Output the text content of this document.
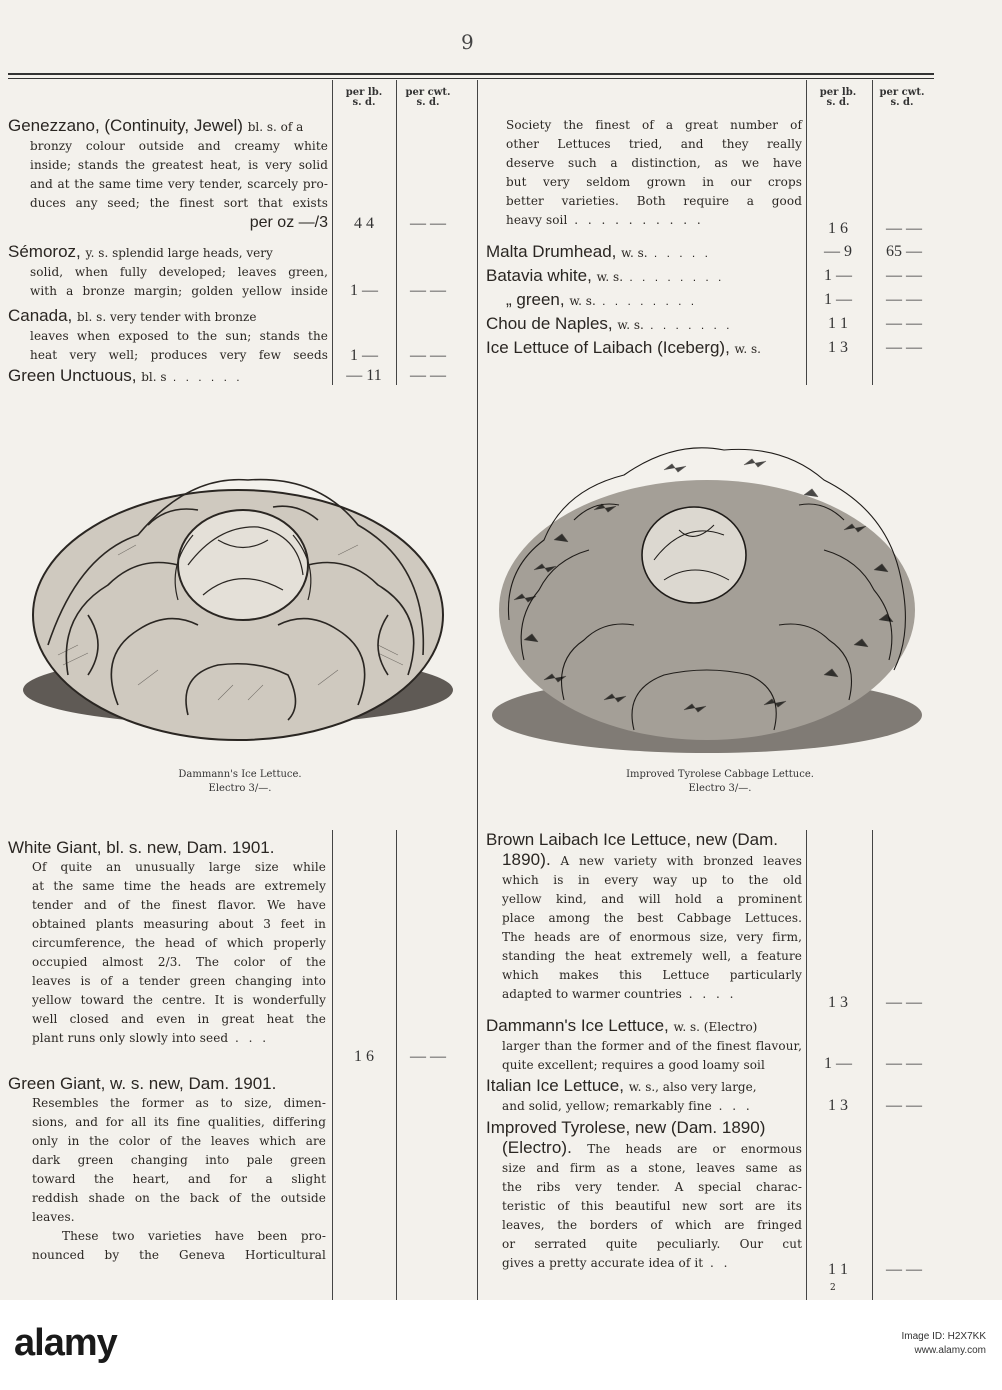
9
per lb.
s. d.
per cwt.
s. d.
per lb.
s. d.
per cwt.
s. d.
Genezzano, (Continuity, Jewel) bl. s. of a
bronzy colour outside and creamy white
inside; stands the greatest heat, is very solid
and at the same time very tender, scarcely pro-
duces any seed; the finest sort that exists
per oz —/3	4 4	— —
Sémoroz, y. s. splendid large heads, very
solid, when fully developed; leaves green,
with a bronze margin; golden yellow inside	1 —	— —
Canada, bl. s. very tender with bronze
leaves when exposed to the sun; stands the
heat very well; produces very few seeds	1 —	— —
Green Unctuous, bl. s . . . . . .	— 11	— —
Society the finest of a great number of
other Lettuces tried, and they really
deserve such a distinction, as we have
but very seldom grown in our crops
better varieties. Both require a good
heavy soil . . . . . . . . . .	1 6	— —
Malta Drumhead, w. s. . . . . .	— 9	65 —
Batavia white, w. s. . . . . . . . .	1 —	— —
„ green, w. s. . . . . . . . .	1 —	— —
Chou de Naples, w. s. . . . . . . .	1 1	— —
Ice Lettuce of Laibach (Iceberg), w. s.	1 3	— —
Dammann's Ice Lettuce.
Electro 3/—.
Improved Tyrolese Cabbage Lettuce.
Electro 3/—.
White Giant, bl. s. new, Dam. 1901.
Of quite an unusually large size while
at the same time the heads are extremely
tender and of the finest flavor. We have
obtained plants measuring about 3 feet in
circumference, the head of which properly
occupied almost 2/3. The color of the
leaves is of a tender green changing into
yellow toward the centre. It is wonderfully
well closed and even in great heat the
plant runs only slowly into seed . . .
1 6	— —
Green Giant, w. s. new, Dam. 1901.
Resembles the former as to size, dimen-
sions, and for all its fine qualities, differing
only in the color of the leaves which are
dark green changing into pale green
toward the heart, and for a slight
reddish shade on the back of the outside
leaves.
These two varieties have been pro-
nounced by the Geneva Horticultural
Brown Laibach Ice Lettuce, new (Dam.
1890). A new variety with bronzed leaves
which is in every way up to the old
yellow kind, and will hold a prominent
place among the best Cabbage Lettuces.
The heads are of enormous size, very firm,
standing the heat extremely well, a feature
which makes this Lettuce particularly
adapted to warmer countries . . . .	1 3	— —
Dammann's Ice Lettuce, w. s. (Electro)
larger than the former and of the finest flavour,
quite excellent; requires a good loamy soil	1 —	— —
Italian Ice Lettuce, w. s., also very large,
and solid, yellow; remarkably fine . . .	1 3	— —
Improved Tyrolese, new (Dam. 1890)
(Electro). The heads are or enormous
size and firm as a stone, leaves same as
the ribs very tender. A special charac-
teristic of this beautiful new sort are its
leaves, the borders of which are fringed
or serrated quite peculiarly. Our cut
gives a pretty accurate idea of it . .	1 1	— —
2
alamy	Image ID: H2X7KK
www.alamy.com
